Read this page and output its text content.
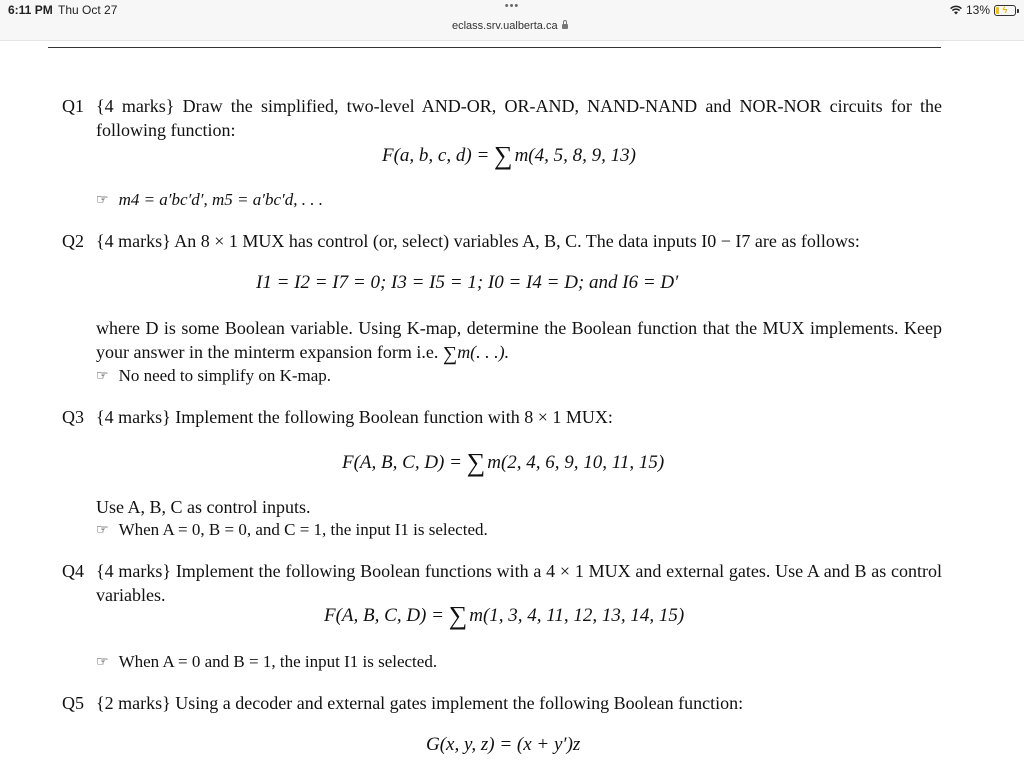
6:11 PM Thu Oct 27	•••
eclass.srv.ualberta.ca
13% ϟ
Q1 {4 marks} Draw the simplified, two-level AND-OR, OR-AND, NAND-NAND and NOR-NOR circuits for the following function:
F(a, b, c, d) = ∑ m(4, 5, 8, 9, 13)
☞ m4 = a′bc′d′, m5 = a′bc′d, . . .
Q2 {4 marks} An 8 × 1 MUX has control (or, select) variables A, B, C. The data inputs I0 − I7 are as follows:
I1 = I2 = I7 = 0; I3 = I5 = 1; I0 = I4 = D; and I6 = D′
where D is some Boolean variable. Using K-map, determine the Boolean function that the MUX implements. Keep your answer in the minterm expansion form i.e. ∑m(. . .).
☞ No need to simplify on K-map.
Q3 {4 marks} Implement the following Boolean function with 8 × 1 MUX:
F(A, B, C, D) = ∑ m(2, 4, 6, 9, 10, 11, 15)
Use A, B, C as control inputs.
☞ When A = 0, B = 0, and C = 1, the input I1 is selected.
Q4 {4 marks} Implement the following Boolean functions with a 4 × 1 MUX and external gates. Use A and B as control variables.
F(A, B, C, D) = ∑ m(1, 3, 4, 11, 12, 13, 14, 15)
☞ When A = 0 and B = 1, the input I1 is selected.
Q5 {2 marks} Using a decoder and external gates implement the following Boolean function:
G(x, y, z) = (x + y′)z
